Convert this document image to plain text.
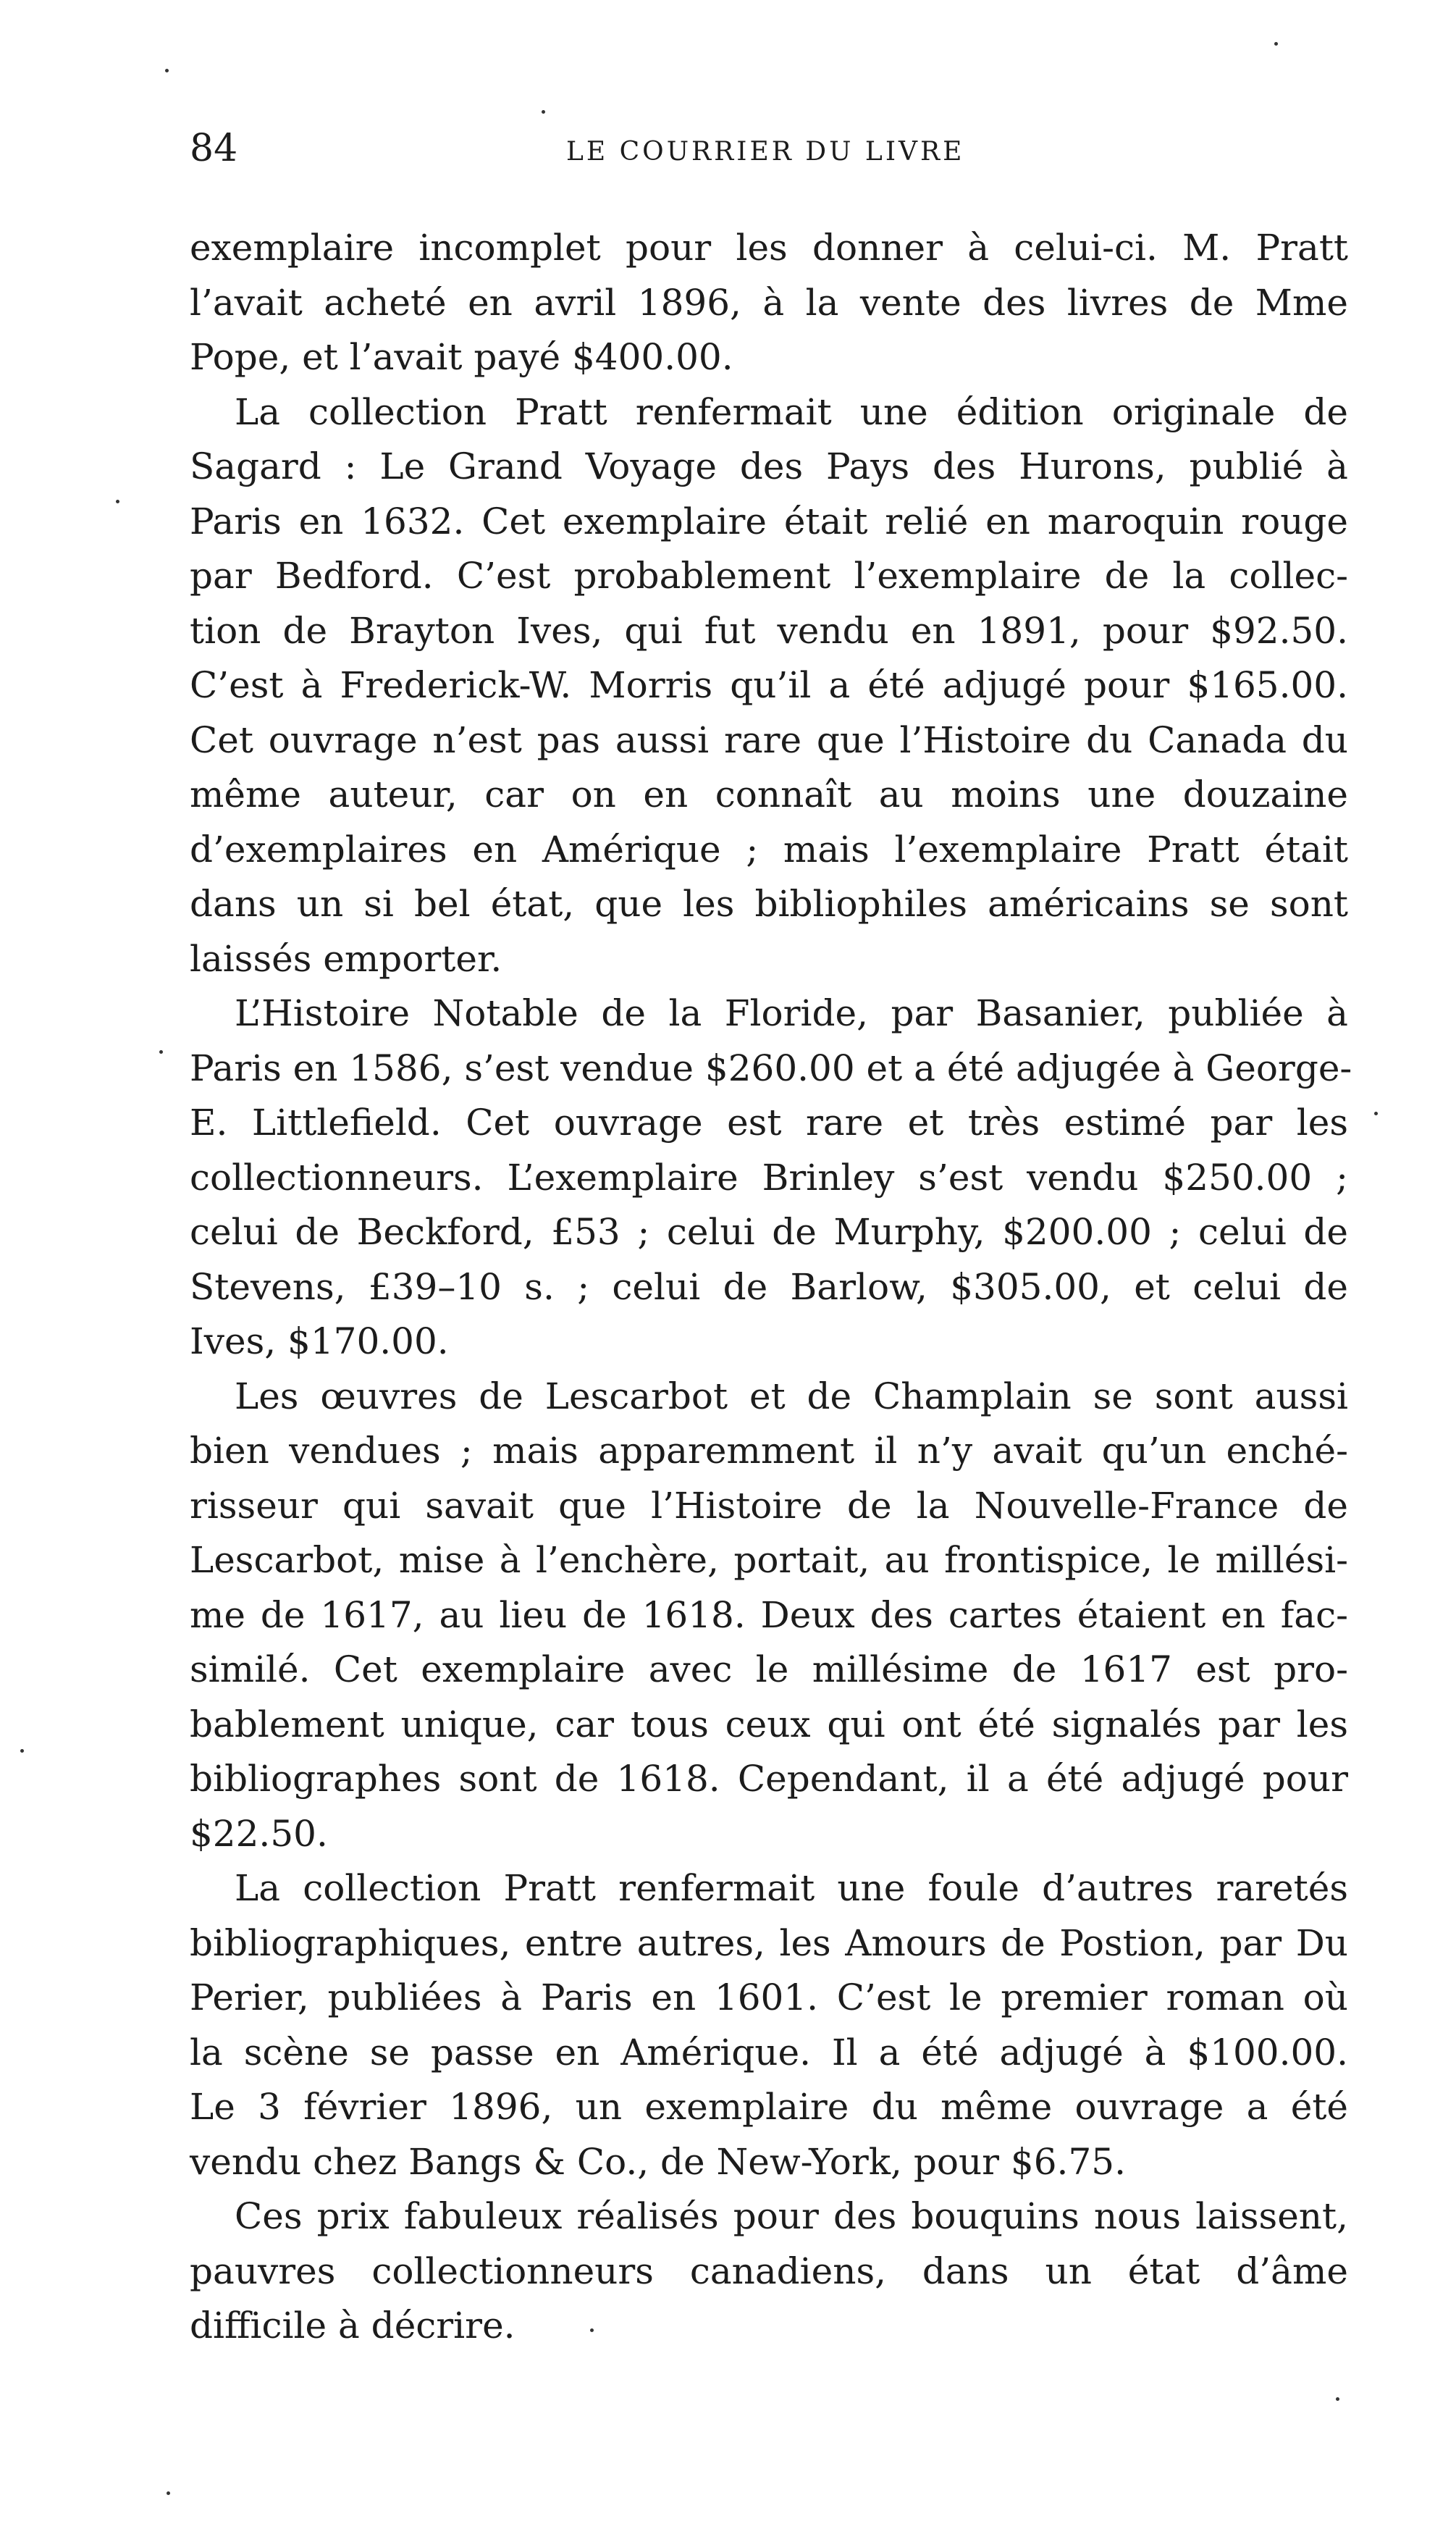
84	LE COURRIER DU LIVRE

exemplaire incomplet pour les donner à celui-ci. M. Pratt
l’avait acheté en avril 1896, à la vente des livres de Mme
Pope, et l’avait payé $400.00.

La collection Pratt renfermait une édition originale de
Sagard : Le Grand Voyage des Pays des Hurons, publié à
Paris en 1632. Cet exemplaire était relié en maroquin rouge
par Bedford. C’est probablement l’exemplaire de la collec-
tion de Brayton Ives, qui fut vendu en 1891, pour $92.50.
C’est à Frederick-W. Morris qu’il a été adjugé pour $165.00.
Cet ouvrage n’est pas aussi rare que l’Histoire du Canada du
même auteur, car on en connaît au moins une douzaine
d’exemplaires en Amérique ; mais l’exemplaire Pratt était
dans un si bel état, que les bibliophiles américains se sont
laissés emporter.

L’Histoire Notable de la Floride, par Basanier, publiée à
Paris en 1586, s’est vendue $260.00 et a été adjugée à George-
E. Littlefield. Cet ouvrage est rare et très estimé par les
collectionneurs. L’exemplaire Brinley s’est vendu $250.00 ;
celui de Beckford, £53 ; celui de Murphy, $200.00 ; celui de
Stevens, £39–10 s. ; celui de Barlow, $305.00, et celui de
Ives, $170.00.

Les œuvres de Lescarbot et de Champlain se sont aussi
bien vendues ; mais apparemment il n’y avait qu’un enché-
risseur qui savait que l’Histoire de la Nouvelle-France de
Lescarbot, mise à l’enchère, portait, au frontispice, le millési-
me de 1617, au lieu de 1618. Deux des cartes étaient en fac-
similé. Cet exemplaire avec le millésime de 1617 est pro-
bablement unique, car tous ceux qui ont été signalés par les
bibliographes sont de 1618. Cependant, il a été adjugé pour
$22.50.

La collection Pratt renfermait une foule d’autres raretés
bibliographiques, entre autres, les Amours de Postion, par Du
Perier, publiées à Paris en 1601. C’est le premier roman où
la scène se passe en Amérique. Il a été adjugé à $100.00.
Le 3 février 1896, un exemplaire du même ouvrage a été
vendu chez Bangs & Co., de New-York, pour $6.75.

Ces prix fabuleux réalisés pour des bouquins nous laissent,
pauvres collectionneurs canadiens, dans un état d’âme
difficile à décrire.
